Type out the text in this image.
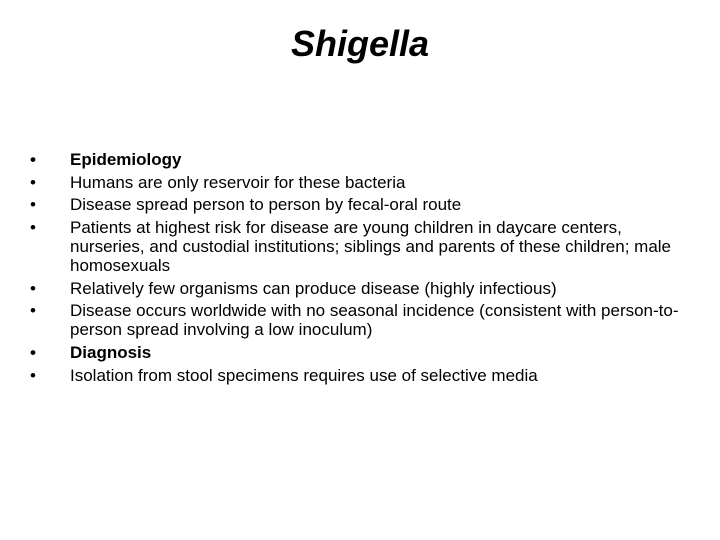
Shigella
•	Epidemiology
•	Humans are only reservoir for these bacteria
•	Disease spread person to person by fecal-oral route
•	Patients at highest risk for disease are young children in daycare centers, nurseries, and custodial institutions; siblings and parents of these children; male homosexuals
•	Relatively few organisms can produce disease (highly infectious)
•	Disease occurs worldwide with no seasonal incidence (consistent with person-to-person spread involving a low inoculum)
•	Diagnosis
•	Isolation from stool specimens requires use of selective media
